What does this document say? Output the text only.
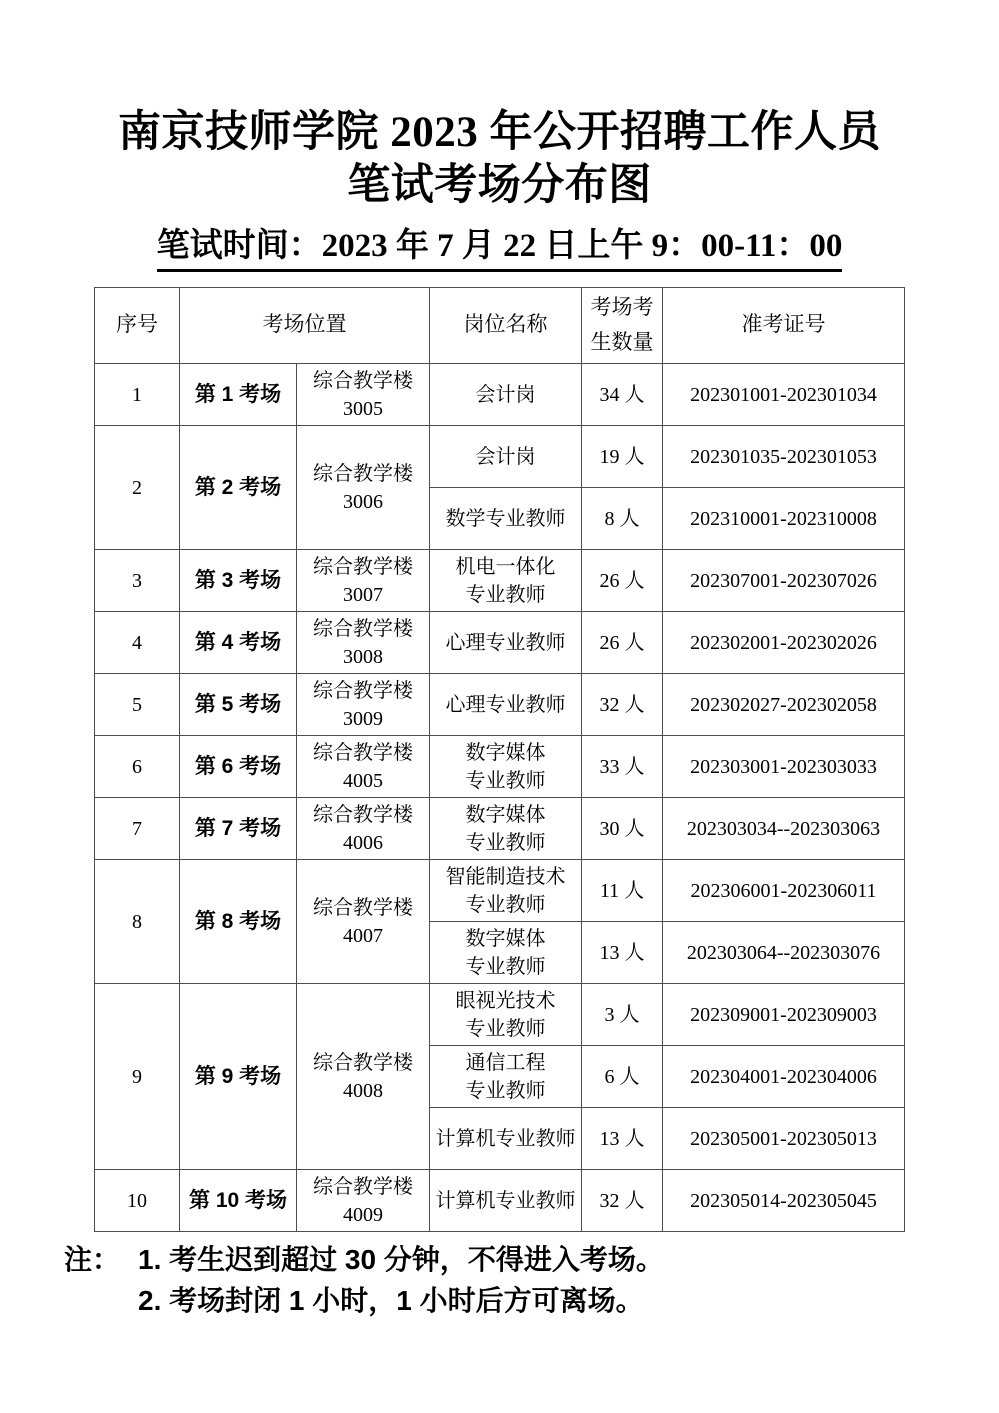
南京技师学院 2023 年公开招聘工作人员
笔试考场分布图
笔试时间：2023 年 7 月 22 日上午 9：00-11：00
序号	考场位置		岗位名称	考场考
生数量	准考证号
1	第 1 考场	综合教学楼
3005	会计岗	34 人	202301001-202301034
2	第 2 考场	综合教学楼
3006	会计岗	19 人	202301035-202301053
			数学专业教师	8 人	202310001-202310008
3	第 3 考场	综合教学楼
3007	机电一体化
专业教师	26 人	202307001-202307026
4	第 4 考场	综合教学楼
3008	心理专业教师	26 人	202302001-202302026
5	第 5 考场	综合教学楼
3009	心理专业教师	32 人	202302027-202302058
6	第 6 考场	综合教学楼
4005	数字媒体
专业教师	33 人	202303001-202303033
7	第 7 考场	综合教学楼
4006	数字媒体
专业教师	30 人	202303034--202303063
8	第 8 考场	综合教学楼
4007	智能制造技术
专业教师	11 人	202306001-202306011
			数字媒体
专业教师	13 人	202303064--202303076
9	第 9 考场	综合教学楼
4008	眼视光技术
专业教师	3 人	202309001-202309003
			通信工程
专业教师	6 人	202304001-202304006
			计算机专业教师	13 人	202305001-202305013
10	第 10 考场	综合教学楼
4009	计算机专业教师	32 人	202305014-202305045
注： 1. 考生迟到超过 30 分钟，不得进入考场。
2. 考场封闭 1 小时，1 小时后方可离场。
